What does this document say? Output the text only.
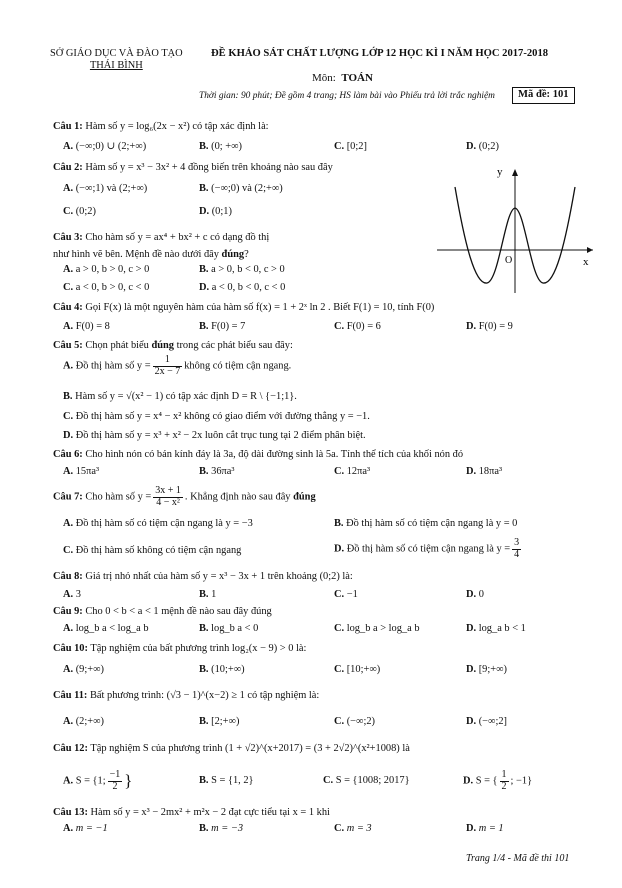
SỞ GIÁO DỤC VÀ ĐÀO TẠO
THÁI BÌNH
ĐỀ KHẢO SÁT CHẤT LƯỢNG LỚP 12 HỌC KÌ I NĂM HỌC 2017-2018
Môn: TOÁN
Thời gian: 90 phút; Đề gồm 4 trang; HS làm bài vào Phiếu trả lời trắc nghiệm	Mã đề: 101
Câu 1: Hàm số y = log₆(2x − x²) có tập xác định là:
A. (−∞;0) ∪ (2;+∞)	B. (0; +∞)	C. [0;2]	D. (0;2)
Câu 2: Hàm số y = x³ − 3x² + 4 đồng biến trên khoảng nào sau đây
A. (−∞;1) và (2;+∞)	B. (−∞;0) và (2;+∞)
C. (0;2)	D. (0;1)
y
O	x
Câu 3: Cho hàm số y = ax⁴ + bx² + c có dạng đồ thị
như hình vẽ bên. Mệnh đề nào dưới đây đúng?
A. a > 0, b > 0, c > 0	B. a > 0, b < 0, c > 0
C. a < 0, b > 0, c < 0	D. a < 0, b < 0, c < 0
Câu 4: Gọi F(x) là một nguyên hàm của hàm số f(x) = 1 + 2ˣ ln 2 . Biết F(1) = 10, tính F(0)
A. F(0) = 8	B. F(0) = 7	C. F(0) = 6	D. F(0) = 9
Câu 5: Chọn phát biểu đúng trong các phát biểu sau đây:
A. Đồ thị hàm số $y = \frac{1}{2x - 7}$ không có tiệm cận ngang.
B. Hàm số y = √(x² − 1) có tập xác định D = R \ {−1;1}.
C. Đồ thị hàm số y = x⁴ − x² không có giao điểm với đường thẳng y = −1.
D. Đồ thị hàm số y = x³ + x² − 2x luôn cắt trục tung tại 2 điểm phân biệt.
Câu 6: Cho hình nón có bán kính đáy là 3a, độ dài đường sinh là 5a. Tính thể tích của khối nón đó
A. 15πa³	B. 36πa³	C. 12πa³	D. 18πa³
Câu 7: Cho hàm số $y = \frac{3x + 1}{\text{4 − x²}}$ . Khẳng định nào sau đây đúng
A. Đồ thị hàm số có tiệm cận ngang là y = −3	B. Đồ thị hàm số có tiệm cận ngang là y = 0
C. Đồ thị hàm số không có tiệm cận ngang	D. Đồ thị hàm số có tiệm cận ngang là $y = \frac{3}{4}$
Câu 8: Giá trị nhỏ nhất của hàm số y = x³ − 3x + 1 trên khoảng (0;2) là:
A. 3	B. 1	C. −1	D. 0
Câu 9: Cho 0 < b < a < 1 mệnh đề nào sau đây đúng
A. log_b a < log_a b	B. log_b a < 0	C. log_b a > log_a b	D. log_a b < 1
Câu 10: Tập nghiệm của bất phương trình log₂(x − 9) > 0 là:
A. (9;+∞)	B. (10;+∞)	C. [10;+∞)	D. [9;+∞)
Câu 11: Bất phương trình: (√3 − 1)^(x−2) ≥ 1 có tập nghiệm là:
A. (2;+∞)	B. [2;+∞)	C. (−∞;2)	D. (−∞;2]
Câu 12: Tập nghiệm S của phương trình (1 + √2)^(x+2017) = (3 + 2√2)^(x²+1008) là
A. S = {1; $\frac{-1}{2}$ }	B. S = {1, 2}	C. S = {1008; 2017}	D. S = { $\frac{1}{2}$ ; −1}
Câu 13: Hàm số y = x³ − 2mx² + m²x − 2 đạt cực tiểu tại x = 1 khi
A. m = −1	B. m = −3	C. m = 3	D. m = 1
Trang 1/4 - Mã đề thi 101
